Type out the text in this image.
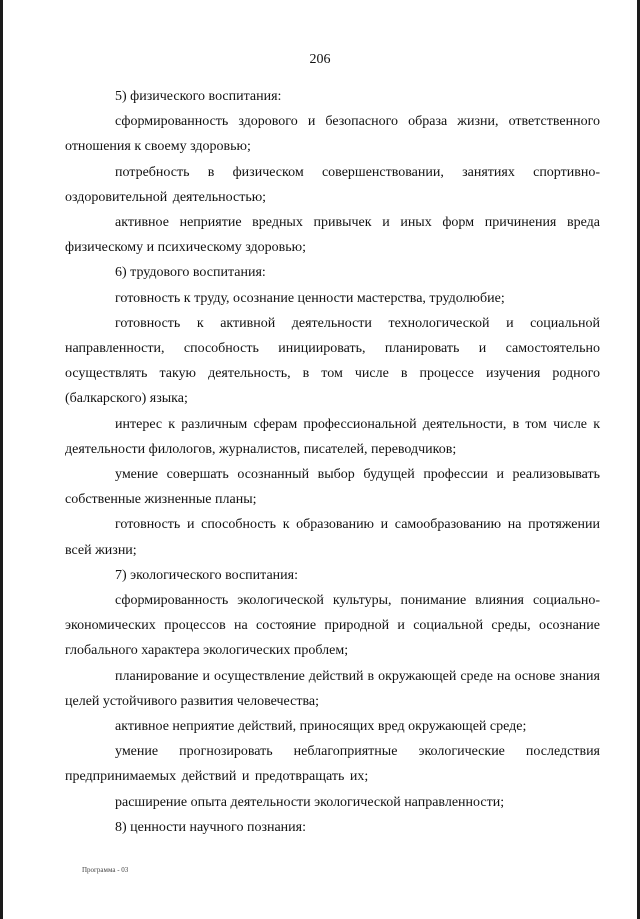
206

5) физического воспитания:

сформированность здорового и безопасного образа жизни, ответственного отношения к своему здоровью;

потребность в физическом совершенствовании, занятиях спортивно-оздоровительной деятельностью;

активное неприятие вредных привычек и иных форм причинения вреда физическому и психическому здоровью;

6) трудового воспитания:

готовность к труду, осознание ценности мастерства, трудолюбие;

готовность к активной деятельности технологической и социальной направленности, способность инициировать, планировать и самостоятельно осуществлять такую деятельность, в том числе в процессе изучения родного (балкарского) языка;

интерес к различным сферам профессиональной деятельности, в том числе к деятельности филологов, журналистов, писателей, переводчиков;

умение совершать осознанный выбор будущей профессии и реализовывать собственные жизненные планы;

готовность и способность к образованию и самообразованию на протяжении всей жизни;

7) экологического воспитания:

сформированность экологической культуры, понимание влияния социально-экономических процессов на состояние природной и социальной среды, осознание глобального характера экологических проблем;

планирование и осуществление действий в окружающей среде на основе знания целей устойчивого развития человечества;

активное неприятие действий, приносящих вред окружающей среде;

умение прогнозировать неблагоприятные экологические последствия предпринимаемых действий и предотвращать их;

расширение опыта деятельности экологической направленности;

8) ценности научного познания:

Программа - 03
